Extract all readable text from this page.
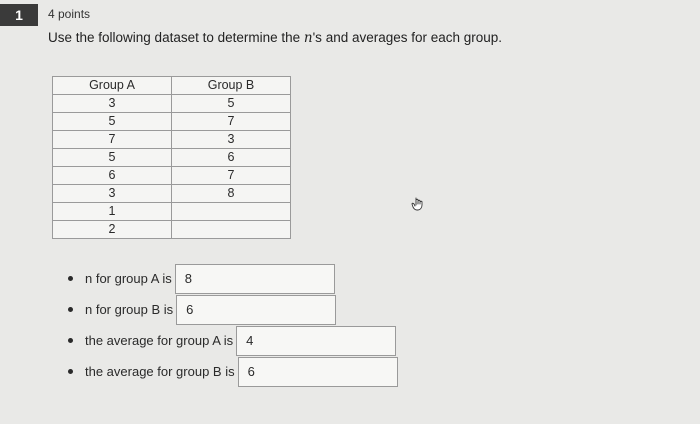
1	4 points
Use the following dataset to determine the n's and averages for each group.
Group A	Group B
3	5
5	7
7	3
5	6
6	7
3	8
1	
2	
n for group A is	8
n for group B is	6
the average for group A is	4
the average for group B is	6
